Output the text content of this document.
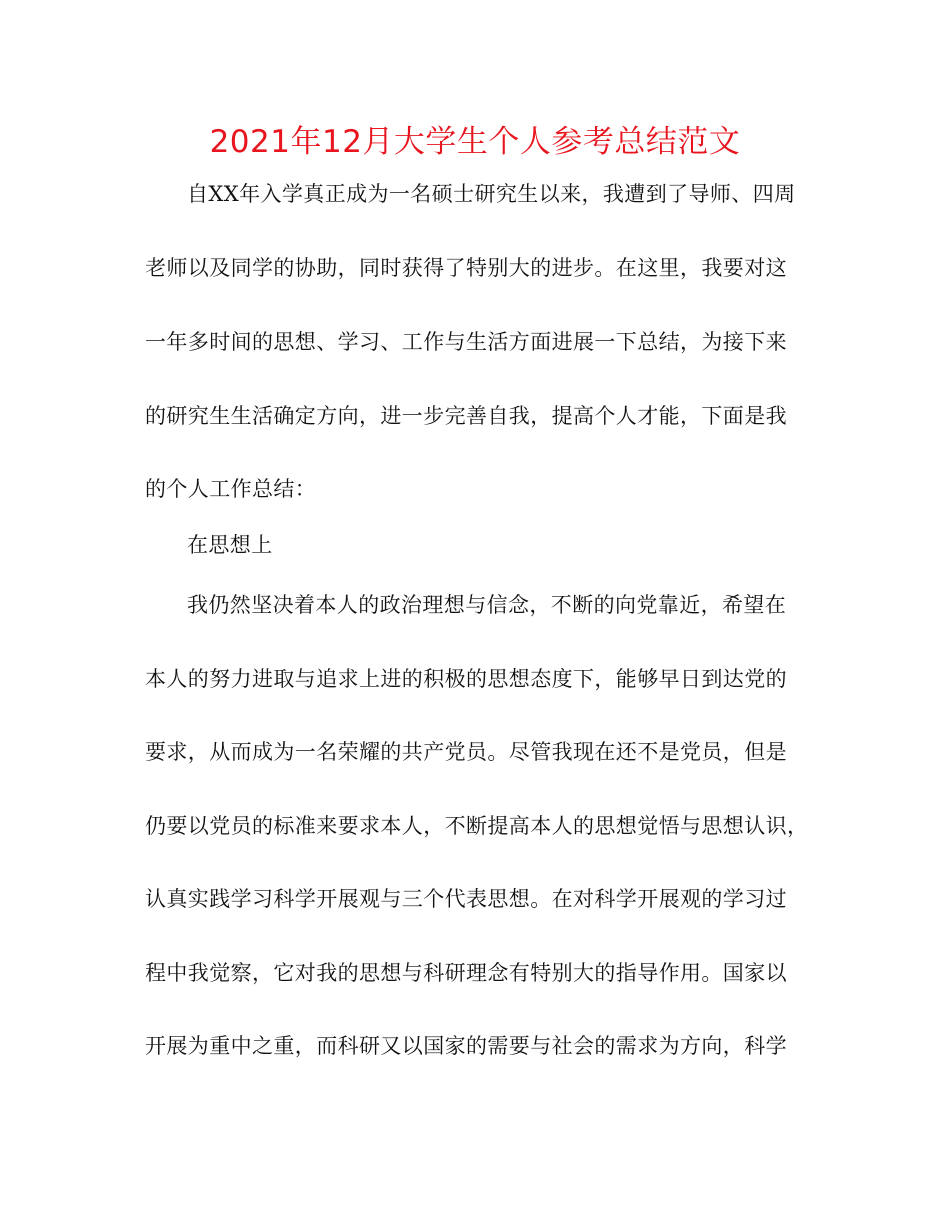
2021年12月大学生个人参考总结范文
自XX年入学真正成为一名硕士研究生以来，我遭到了导师、四周
老师以及同学的协助，同时获得了特别大的进步。在这里，我要对这
一年多时间的思想、学习、工作与生活方面进展一下总结，为接下来
的研究生生活确定方向，进一步完善自我，提高个人才能，下面是我
的个人工作总结：
在思想上
我仍然坚决着本人的政治理想与信念，不断的向党靠近，希望在
本人的努力进取与追求上进的积极的思想态度下，能够早日到达党的
要求，从而成为一名荣耀的共产党员。尽管我现在还不是党员，但是
仍要以党员的标准来要求本人，不断提高本人的思想觉悟与思想认识，
认真实践学习科学开展观与三个代表思想。在对科学开展观的学习过
程中我觉察，它对我的思想与科研理念有特别大的指导作用。国家以
开展为重中之重，而科研又以国家的需要与社会的需求为方向，科学
